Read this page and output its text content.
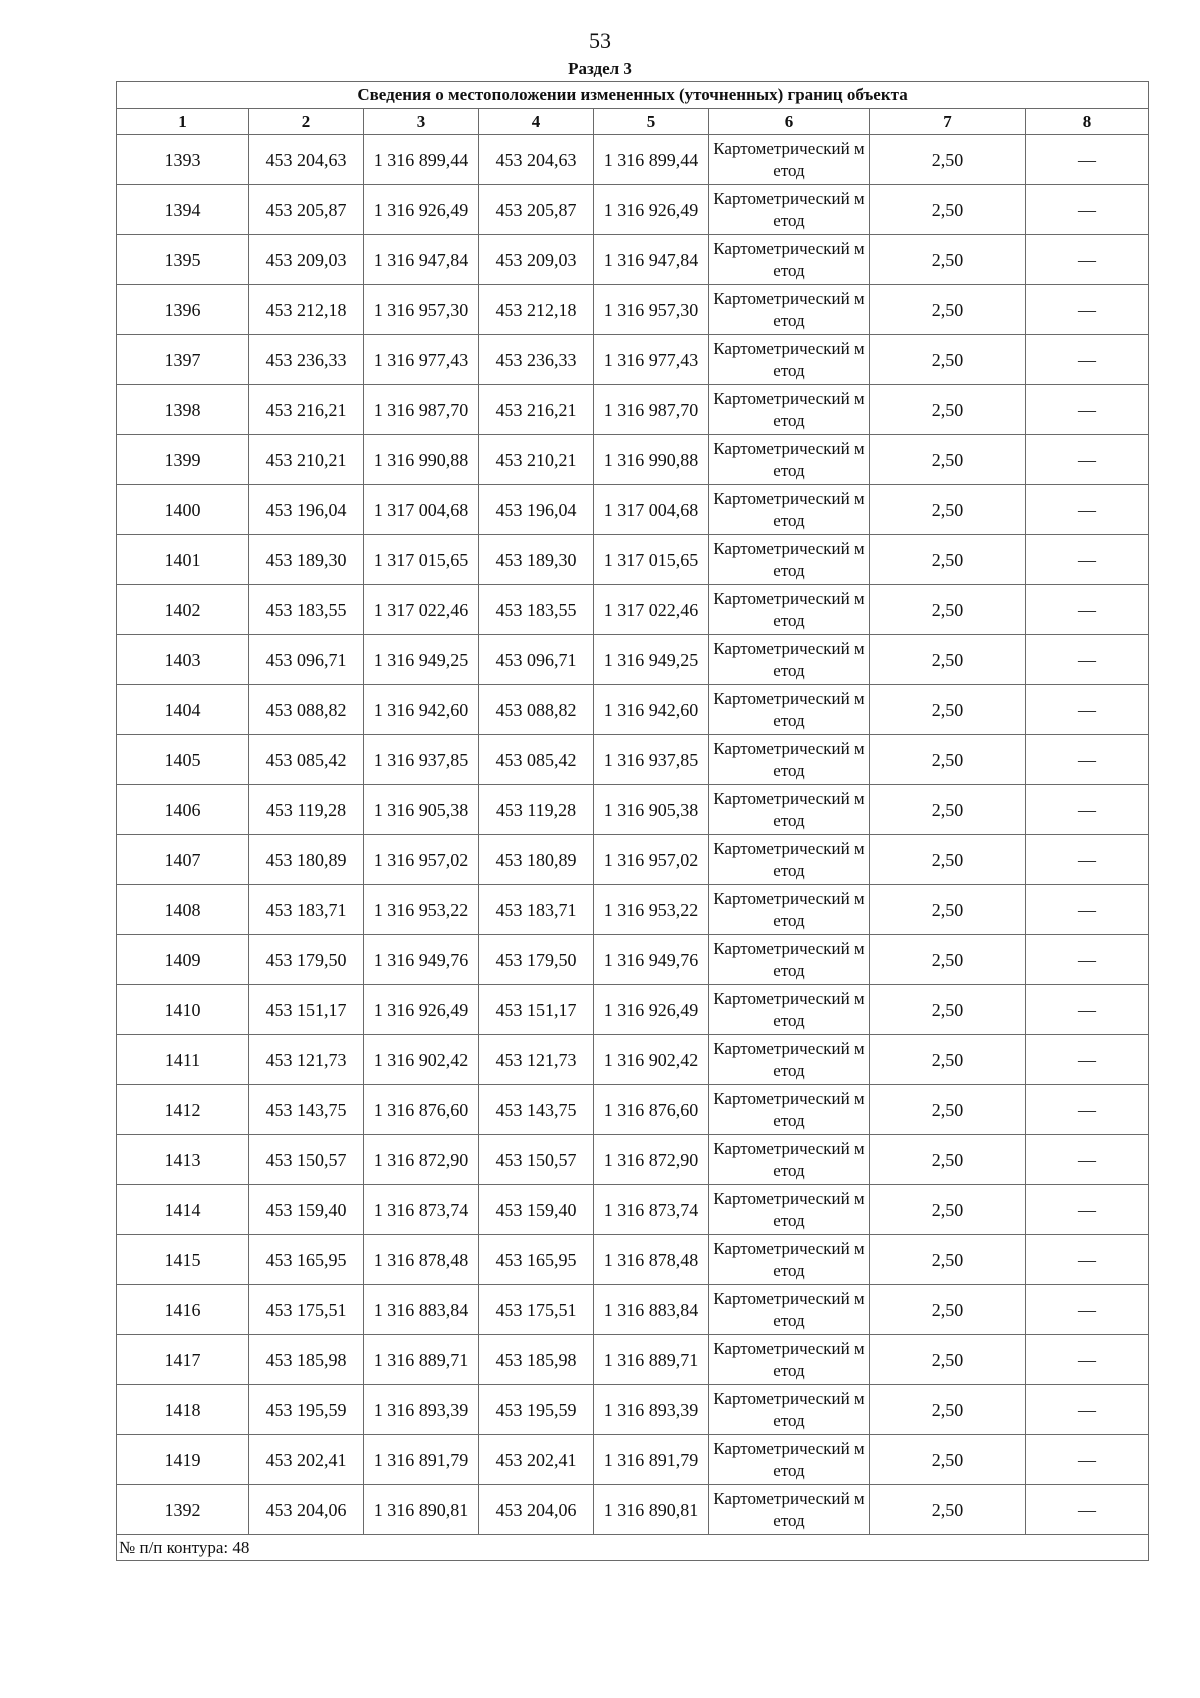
53
Раздел 3
Сведения о местоположении измененных (уточненных) границ объекта							
1	2	3	4	5	6	7	8
1393	453 204,63	1 316 899,44	453 204,63	1 316 899,44	Картометрический метод	2,50	—
1394	453 205,87	1 316 926,49	453 205,87	1 316 926,49	Картометрический метод	2,50	—
1395	453 209,03	1 316 947,84	453 209,03	1 316 947,84	Картометрический метод	2,50	—
1396	453 212,18	1 316 957,30	453 212,18	1 316 957,30	Картометрический метод	2,50	—
1397	453 236,33	1 316 977,43	453 236,33	1 316 977,43	Картометрический метод	2,50	—
1398	453 216,21	1 316 987,70	453 216,21	1 316 987,70	Картометрический метод	2,50	—
1399	453 210,21	1 316 990,88	453 210,21	1 316 990,88	Картометрический метод	2,50	—
1400	453 196,04	1 317 004,68	453 196,04	1 317 004,68	Картометрический метод	2,50	—
1401	453 189,30	1 317 015,65	453 189,30	1 317 015,65	Картометрический метод	2,50	—
1402	453 183,55	1 317 022,46	453 183,55	1 317 022,46	Картометрический метод	2,50	—
1403	453 096,71	1 316 949,25	453 096,71	1 316 949,25	Картометрический метод	2,50	—
1404	453 088,82	1 316 942,60	453 088,82	1 316 942,60	Картометрический метод	2,50	—
1405	453 085,42	1 316 937,85	453 085,42	1 316 937,85	Картометрический метод	2,50	—
1406	453 119,28	1 316 905,38	453 119,28	1 316 905,38	Картометрический метод	2,50	—
1407	453 180,89	1 316 957,02	453 180,89	1 316 957,02	Картометрический метод	2,50	—
1408	453 183,71	1 316 953,22	453 183,71	1 316 953,22	Картометрический метод	2,50	—
1409	453 179,50	1 316 949,76	453 179,50	1 316 949,76	Картометрический метод	2,50	—
1410	453 151,17	1 316 926,49	453 151,17	1 316 926,49	Картометрический метод	2,50	—
1411	453 121,73	1 316 902,42	453 121,73	1 316 902,42	Картометрический метод	2,50	—
1412	453 143,75	1 316 876,60	453 143,75	1 316 876,60	Картометрический метод	2,50	—
1413	453 150,57	1 316 872,90	453 150,57	1 316 872,90	Картометрический метод	2,50	—
1414	453 159,40	1 316 873,74	453 159,40	1 316 873,74	Картометрический метод	2,50	—
1415	453 165,95	1 316 878,48	453 165,95	1 316 878,48	Картометрический метод	2,50	—
1416	453 175,51	1 316 883,84	453 175,51	1 316 883,84	Картометрический метод	2,50	—
1417	453 185,98	1 316 889,71	453 185,98	1 316 889,71	Картометрический метод	2,50	—
1418	453 195,59	1 316 893,39	453 195,59	1 316 893,39	Картометрический метод	2,50	—
1419	453 202,41	1 316 891,79	453 202,41	1 316 891,79	Картометрический метод	2,50	—
1392	453 204,06	1 316 890,81	453 204,06	1 316 890,81	Картометрический метод	2,50	—
№ п/п контура: 48							
